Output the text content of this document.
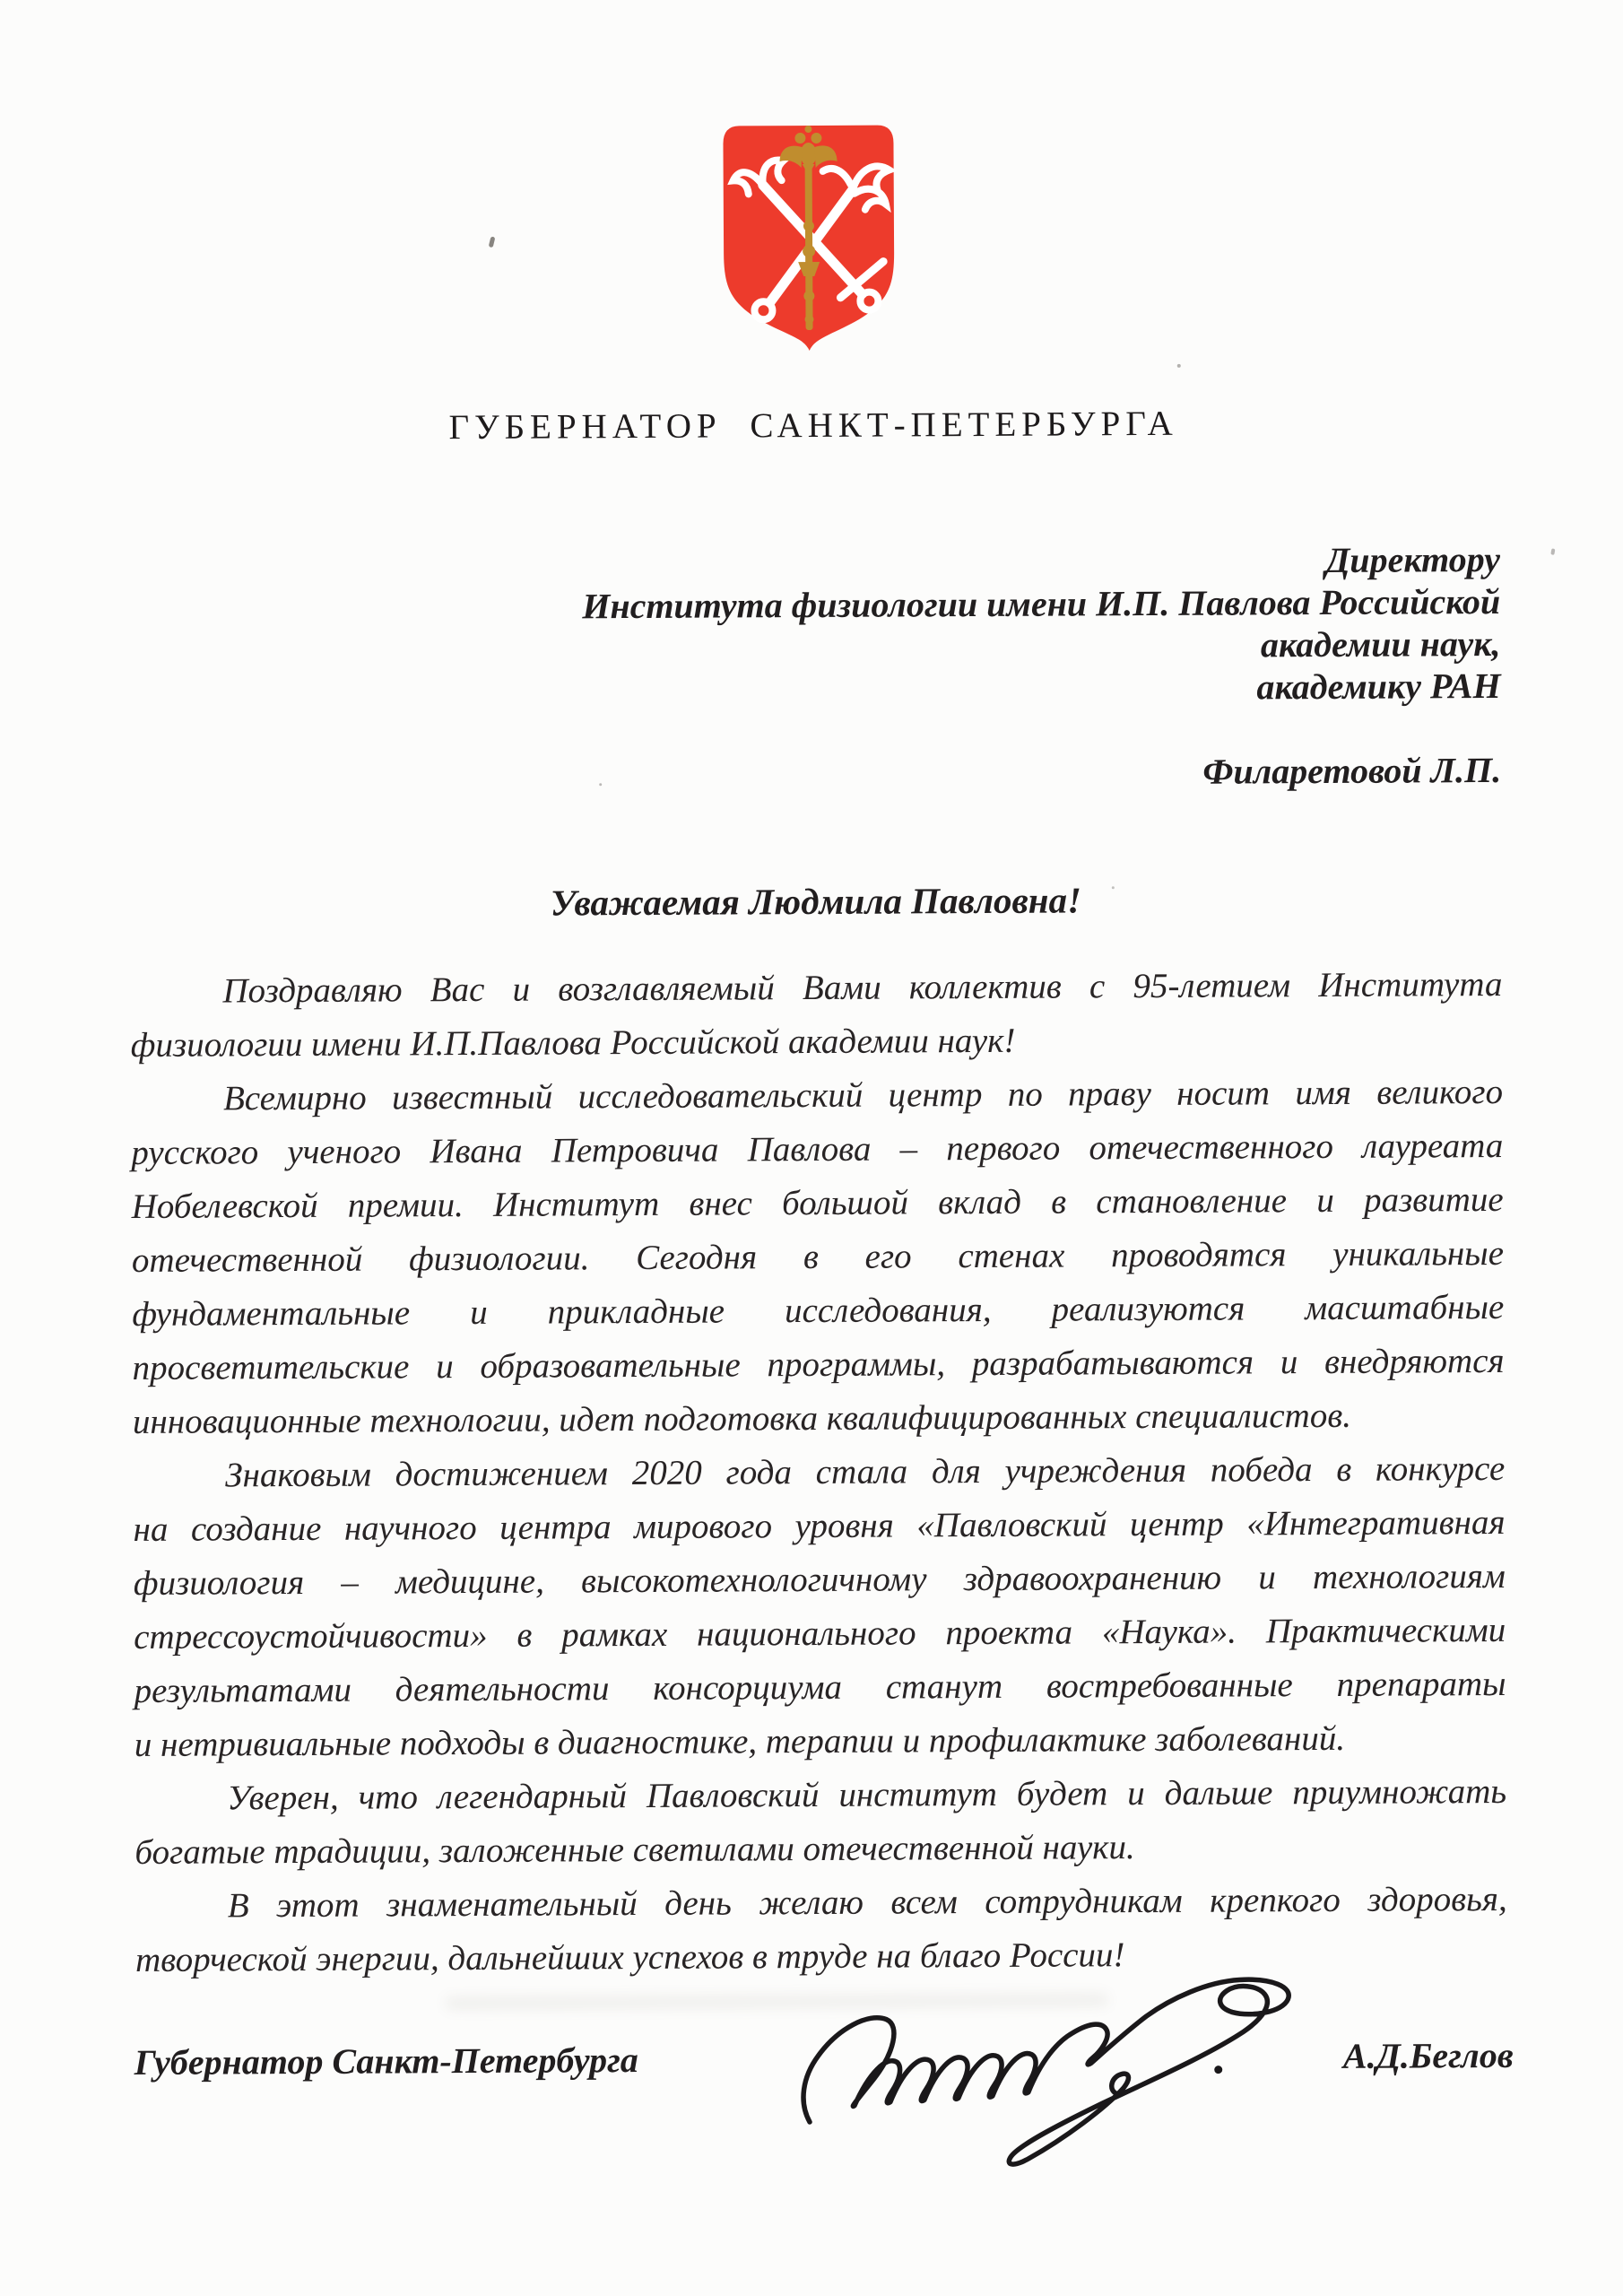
ГУБЕРНАТОР САНКТ-ПЕТЕРБУРГА
Директору
Института физиологии имени И.П. Павлова Российской
академии наук,
академику РАН
Филаретовой Л.П.
Уважаемая Людмила Павловна!
Поздравляю Вас и возглавляемый Вами коллектив с 95-летием Института
физиологии имени И.П.Павлова Российской академии наук!
Всемирно известный исследовательский центр по праву носит имя великого
русского ученого Ивана Петровича Павлова – первого отечественного лауреата
Нобелевской премии. Институт внес большой вклад в становление и развитие
отечественной физиологии. Сегодня в его стенах проводятся уникальные
фундаментальные и прикладные исследования, реализуются масштабные
просветительские и образовательные программы, разрабатываются и внедряются
инновационные технологии, идет подготовка квалифицированных специалистов.
Знаковым достижением 2020 года стала для учреждения победа в конкурсе
на создание научного центра мирового уровня «Павловский центр «Интегративная
физиология – медицине, высокотехнологичному здравоохранению и технологиям
стрессоустойчивости» в рамках национального проекта «Наука». Практическими
результатами деятельности консорциума станут востребованные препараты
и нетривиальные подходы в диагностике, терапии и профилактике заболеваний.
Уверен, что легендарный Павловский институт будет и дальше приумножать
богатые традиции, заложенные светилами отечественной науки.
В этот знаменательный день желаю всем сотрудникам крепкого здоровья,
творческой энергии, дальнейших успехов в труде на благо России!
Губернатор Санкт-Петербурга	А.Д.Беглов
